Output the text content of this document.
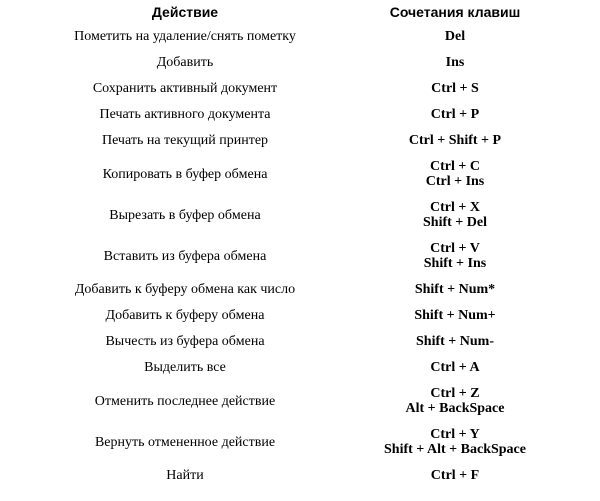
Действие	Сочетания клавиш
Пометить на удаление/снять пометку	Del

Добавить	Ins

Сохранить активный документ	Ctrl + S

Печать активного документа	Ctrl + P

Печать на текущий принтер	Ctrl + Shift + P

Копировать в буфер обмена	Ctrl + C
Ctrl + Ins

Вырезать в буфер обмена	Ctrl + X
Shift + Del

Вставить из буфера обмена	Ctrl + V
Shift + Ins

Добавить к буферу обмена как число	Shift + Num*

Добавить к буферу обмена	Shift + Num+

Вычесть из буфера обмена	Shift + Num-

Выделить все	Ctrl + A

Отменить последнее действие	Ctrl + Z
Alt + BackSpace

Вернуть отмененное действие	Ctrl + Y
Shift + Alt + BackSpace

Найти	Ctrl + F
